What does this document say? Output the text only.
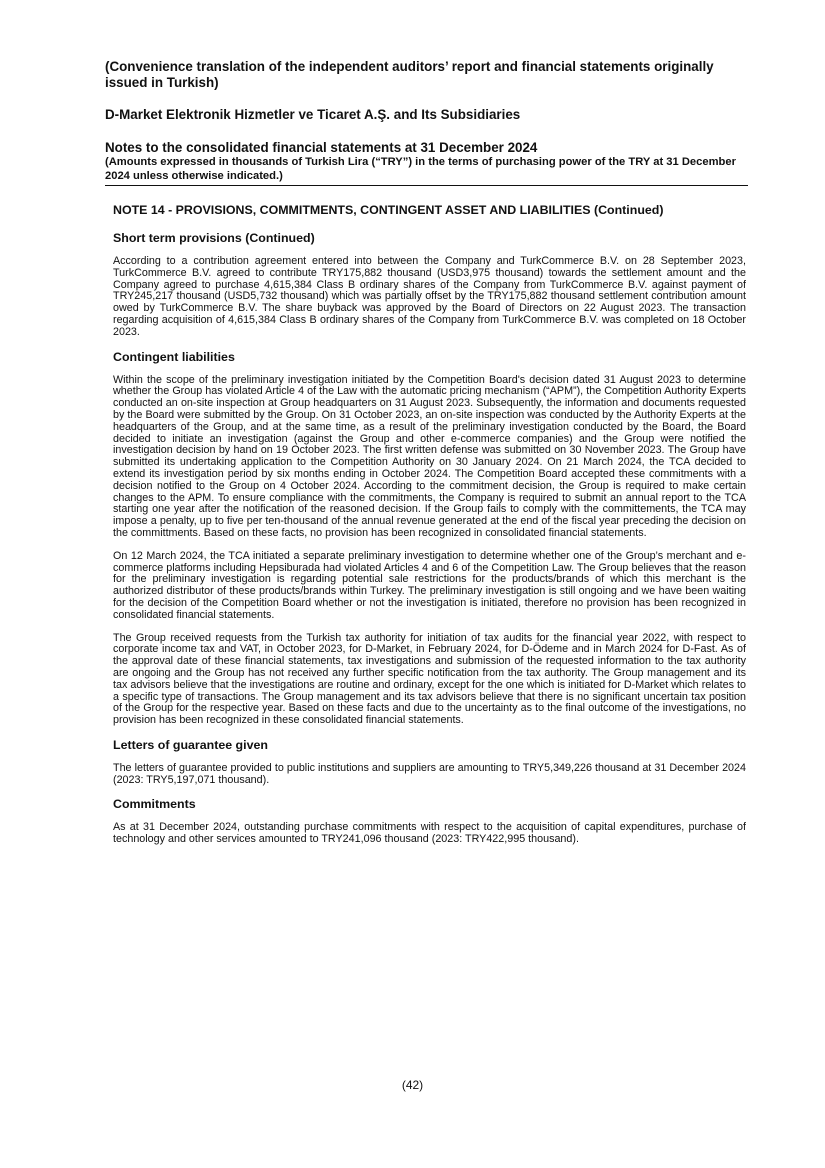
(Convenience translation of the independent auditors’ report and financial statements originally issued in Turkish)
D-Market Elektronik Hizmetler ve Ticaret A.Ş. and Its Subsidiaries
Notes to the consolidated financial statements at 31 December 2024
(Amounts expressed in thousands of Turkish Lira (“TRY”) in the terms of purchasing power of the TRY at 31 December 2024 unless otherwise indicated.)
NOTE 14 - PROVISIONS, COMMITMENTS, CONTINGENT ASSET AND LIABILITIES (Continued)
Short term provisions (Continued)

According to a contribution agreement entered into between the Company and TurkCommerce B.V. on 28 September 2023, TurkCommerce B.V. agreed to contribute TRY175,882 thousand (USD3,975 thousand) towards the settlement amount and the Company agreed to purchase 4,615,384 Class B ordinary shares of the Company from TurkCommerce B.V. against payment of TRY245,217 thousand (USD5,732 thousand) which was partially offset by the TRY175,882 thousand settlement contribution amount owed by TurkCommerce B.V. The share buyback was approved by the Board of Directors on 22 August 2023. The transaction regarding acquisition of 4,615,384 Class B ordinary shares of the Company from TurkCommerce B.V. was completed on 18 October 2023.

Contingent liabilities

Within the scope of the preliminary investigation initiated by the Competition Board's decision dated 31 August 2023 to determine whether the Group has violated Article 4 of the Law with the automatic pricing mechanism (“APM”), the Competition Authority Experts conducted an on-site inspection at Group headquarters on 31 August 2023. Subsequently, the information and documents requested by the Board were submitted by the Group. On 31 October 2023, an on-site inspection was conducted by the Authority Experts at the headquarters of the Group, and at the same time, as a result of the preliminary investigation conducted by the Board, the Board decided to initiate an investigation (against the Group and other e-commerce companies) and the Group were notified the investigation decision by hand on 19 October 2023. The first written defense was submitted on 30 November 2023. The Group have submitted its undertaking application to the Competition Authority on 30 January 2024. On 21 March 2024, the TCA decided to extend its investigation period by six months ending in October 2024. The Competition Board accepted these commitments with a decision notified to the Group on 4 October 2024. According to the commitment decision, the Group is required to make certain changes to the APM. To ensure compliance with the commitments, the Company is required to submit an annual report to the TCA starting one year after the notification of the reasoned decision. If the Group fails to comply with the committements, the TCA may impose a penalty, up to five per ten-thousand of the annual revenue generated at the end of the fiscal year preceding the decision on the committments. Based on these facts, no provision has been recognized in consolidated financial statements.

On 12 March 2024, the TCA initiated a separate preliminary investigation to determine whether one of the Group’s merchant and e-commerce platforms including Hepsiburada had violated Articles 4 and 6 of the Competition Law. The Group believes that the reason for the preliminary investigation is regarding potential sale restrictions for the products/brands of which this merchant is the authorized distributor of these products/brands within Turkey. The preliminary investigation is still ongoing and we have been waiting for the decision of the Competition Board whether or not the investigation is initiated, therefore no provision has been recognized in consolidated financial statements.

The Group received requests from the Turkish tax authority for initiation of tax audits for the financial year 2022, with respect to corporate income tax and VAT, in October 2023, for D-Market, in February 2024, for D-Ödeme and in March 2024 for D-Fast. As of the approval date of these financial statements, tax investigations and submission of the requested information to the tax authority are ongoing and the Group has not received any further specific notification from the tax authority. The Group management and its tax advisors believe that the investigations are routine and ordinary, except for the one which is initiated for D-Market which relates to a specific type of transactions. The Group management and its tax advisors believe that there is no significant uncertain tax position of the Group for the respective year. Based on these facts and due to the uncertainty as to the final outcome of the investigations, no provision has been recognized in these consolidated financial statements.

Letters of guarantee given

The letters of guarantee provided to public institutions and suppliers are amounting to TRY5,349,226 thousand at 31 December 2024 (2023: TRY5,197,071 thousand).

Commitments

As at 31 December 2024, outstanding purchase commitments with respect to the acquisition of capital expenditures, purchase of technology and other services amounted to TRY241,096 thousand (2023: TRY422,995 thousand).

(42)
